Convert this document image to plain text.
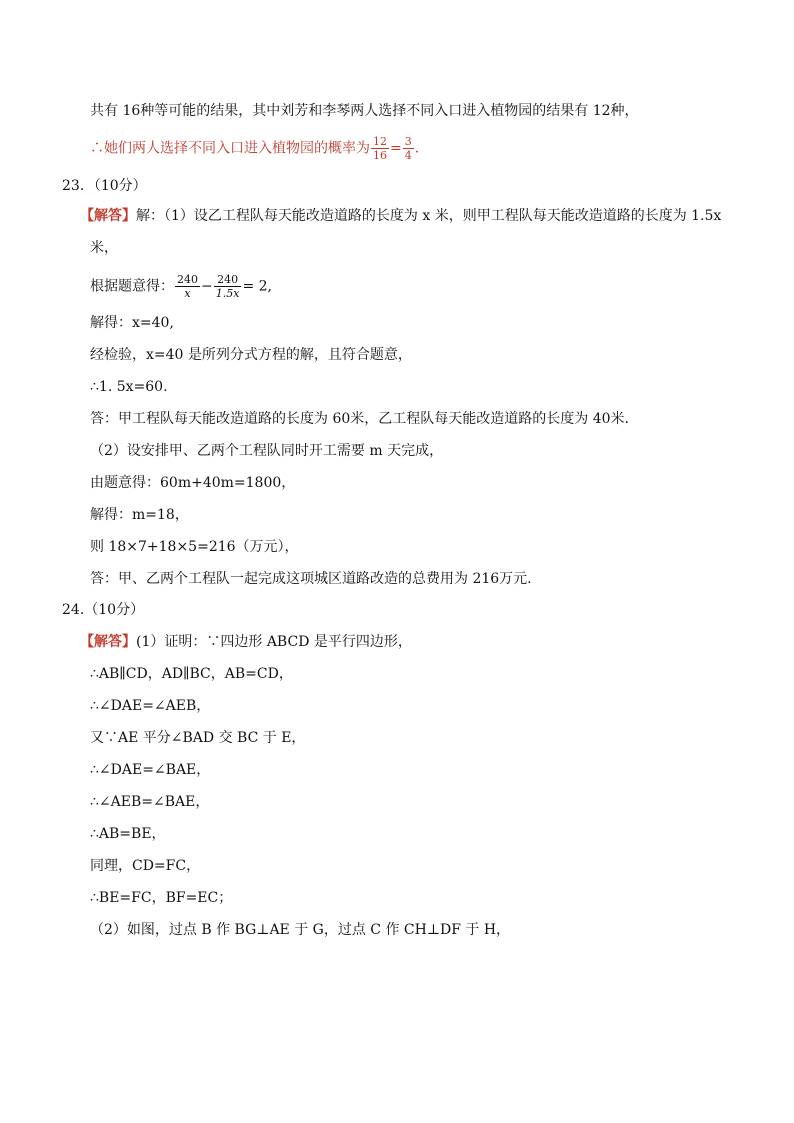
共有 16种等可能的结果，其中刘芳和李琴两人选择不同入口进入植物园的结果有 12种，
∴她们两人选择不同入口进入植物园的概率为 $\frac{12}{16} = \frac{3}{4}$ .
23．（10分）
【解答】解：（1）设乙工程队每天能改造道路的长度为 x 米，则甲工程队每天能改造道路的长度为 1.5x
米，
根据题意得： $\frac{240}{x} - \frac{240}{1.5x} = 2$,
解得：x=40,
经检验，x=40 是所列分式方程的解，且符合题意，
∴1. 5x=60.
答：甲工程队每天能改造道路的长度为 60米，乙工程队每天能改造道路的长度为 40米.
（2）设安排甲、乙两个工程队同时开工需要 m 天完成，
由题意得：60m+40m=1800，
解得：m=18，
则 18×7+18×5=216（万元），
答：甲、乙两个工程队一起完成这项城区道路改造的总费用为 216万元.
24.（10分）
【解答】(1）证明：∵四边形 ABCD 是平行四边形，
∴AB∥CD，AD∥BC，AB=CD，
∴∠DAE=∠AEB，
又∵AE 平分∠BAD 交 BC 于 E，
∴∠DAE=∠BAE，
∴∠AEB=∠BAE，
∴AB=BE，
同理，CD=FC，
∴BE=FC，BF=EC；
（2）如图，过点 B 作 BG⊥AE 于 G，过点 C 作 CH⊥DF 于 H，
